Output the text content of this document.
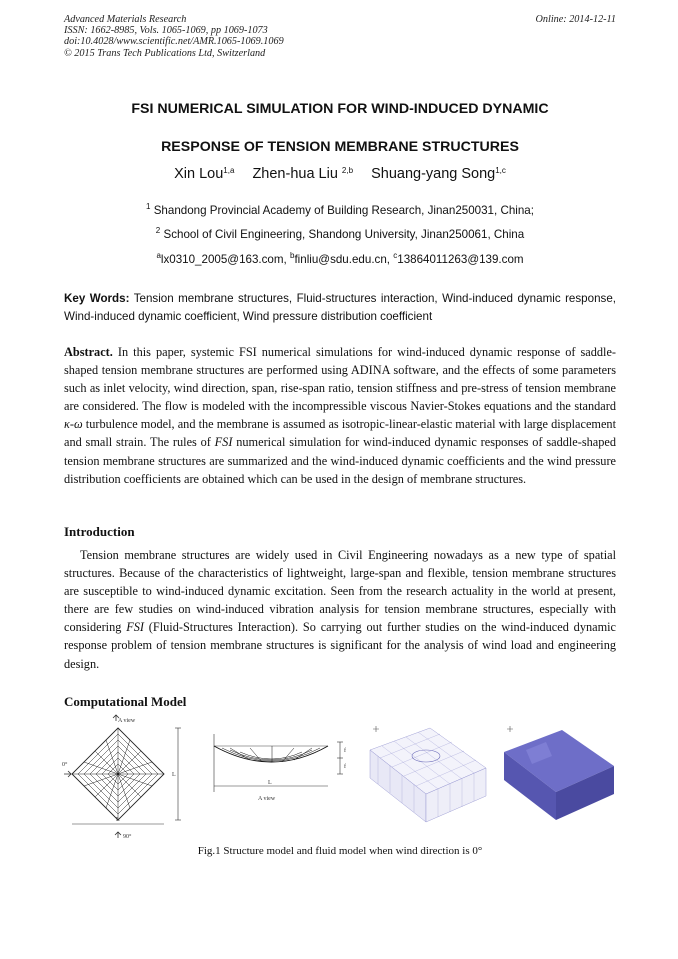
Advanced Materials Research
ISSN: 1662-8985, Vols. 1065-1069, pp 1069-1073
doi:10.4028/www.scientific.net/AMR.1065-1069.1069
© 2015 Trans Tech Publications Ltd, Switzerland
Online: 2014-12-11
FSI NUMERICAL SIMULATION FOR WIND-INDUCED DYNAMIC
RESPONSE OF TENSION MEMBRANE STRUCTURES
Xin Lou$^{1,a}$ Zhen-hua Liu $^{2,b}$ Shuang-yang Song$^{1,c}$
$^1$ Shandong Provincial Academy of Building Research, Jinan250031, China;
$^2$ School of Civil Engineering, Shandong University, Jinan250061, China
$^a$lx0310_2005@163.com, $^b$finliu@sdu.edu.cn, $^c$13864011263@139.com
Key Words: Tension membrane structures, Fluid-structures interaction, Wind-induced dynamic response, Wind-induced dynamic coefficient, Wind pressure distribution coefficient
Abstract. In this paper, systemic FSI numerical simulations for wind-induced dynamic response of saddle-shaped tension membrane structures are performed using ADINA software, and the effects of some parameters such as inlet velocity, wind direction, span, rise-span ratio, tension stiffness and pre-stress of tension membrane are considered. The flow is modeled with the incompressible viscous Navier-Stokes equations and the standard κ-ω turbulence model, and the membrane is assumed as isotropic-linear-elastic material with large displacement and small strain. The rules of FSI numerical simulation for wind-induced dynamic responses of saddle-shaped tension membrane structures are summarized and the wind-induced dynamic coefficients and the wind pressure distribution coefficients are obtained which can be used in the design of membrane structures.
Introduction
Tension membrane structures are widely used in Civil Engineering nowadays as a new type of spatial structures. Because of the characteristics of lightweight, large-span and flexible, tension membrane structures are susceptible to wind-induced dynamic excitation. Seen from the research actuality in the world at present, there are few studies on wind-induced vibration analysis for tension membrane structures, especially with considering FSI (Fluid-Structures Interaction). So carrying out further studies on the wind-induced dynamic response problem of tension membrane structures is significant for the analysis of wind load and engineering design.
Computational Model
A view
0°
L
L
90°
f
f
L
A view
Fig.1 Structure model and fluid model when wind direction is 0°
